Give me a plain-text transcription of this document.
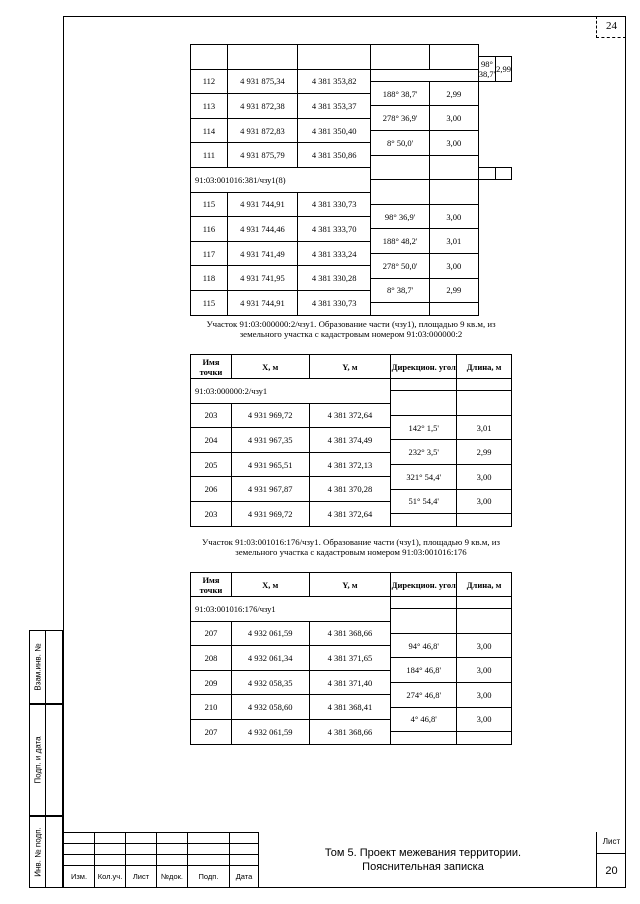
24
Взам.инв. №
Подп. и дата
Инв. № подп.

					98° 38,7'	2,99
112	4 931 875,34	4 381 353,82				
			188° 38,7'	2,99		
113	4 931 872,38	4 381 353,37				
			278° 36,9'	3,00		
114	4 931 872,83	4 381 350,40				
			8° 50,0'	3,00		
111	4 931 875,79	4 381 350,86				

91:03:001016:381/чзу1(8)						

115	4 931 744,91	4 381 330,73				
			98° 36,9'	3,00		
116	4 931 744,46	4 381 333,70				
			188° 48,2'	3,01		
117	4 931 741,49	4 381 333,24				
			278° 50,0'	3,00		
118	4 931 741,95	4 381 330,28				
			8° 38,7'	2,99		
115	4 931 744,91	4 381 330,73				

Участок 91:03:000000:2/чзу1. Образование части (чзу1), площадью 9 кв.м, из земельного участка с кадастровым номером 91:03:000000:2
Имя точки	X, м	Y, м	Дирекцион. угол	Длина, м
91:03:000000:2/чзу1				

203	4 931 969,72	4 381 372,64		
			142° 1,5'	3,01
204	4 931 967,35	4 381 374,49		
			232° 3,5'	2,99
205	4 931 965,51	4 381 372,13		
			321° 54,4'	3,00
206	4 931 967,87	4 381 370,28		
			51° 54,4'	3,00
203	4 931 969,72	4 381 372,64		

Участок 91:03:001016:176/чзу1. Образование части (чзу1), площадью 9 кв.м, из земельного участка с кадастровым номером 91:03:001016:176
Имя точки	X, м	Y, м	Дирекцион. угол	Длина, м
91:03:001016:176/чзу1				

207	4 932 061,59	4 381 368,66		
			94° 46,8'	3,00
208	4 932 061,34	4 381 371,65		
			184° 46,8'	3,00
209	4 932 058,35	4 381 371,40		
			274° 46,8'	3,00
210	4 932 058,60	4 381 368,41		
			4° 46,8'	3,00
207	4 932 061,59	4 381 368,66		

Изм.	Кол.уч.	Лист	№док.	Подп.	Дата
Том 5. Проект межевания территории.
Пояснительная записка
Лист
20
